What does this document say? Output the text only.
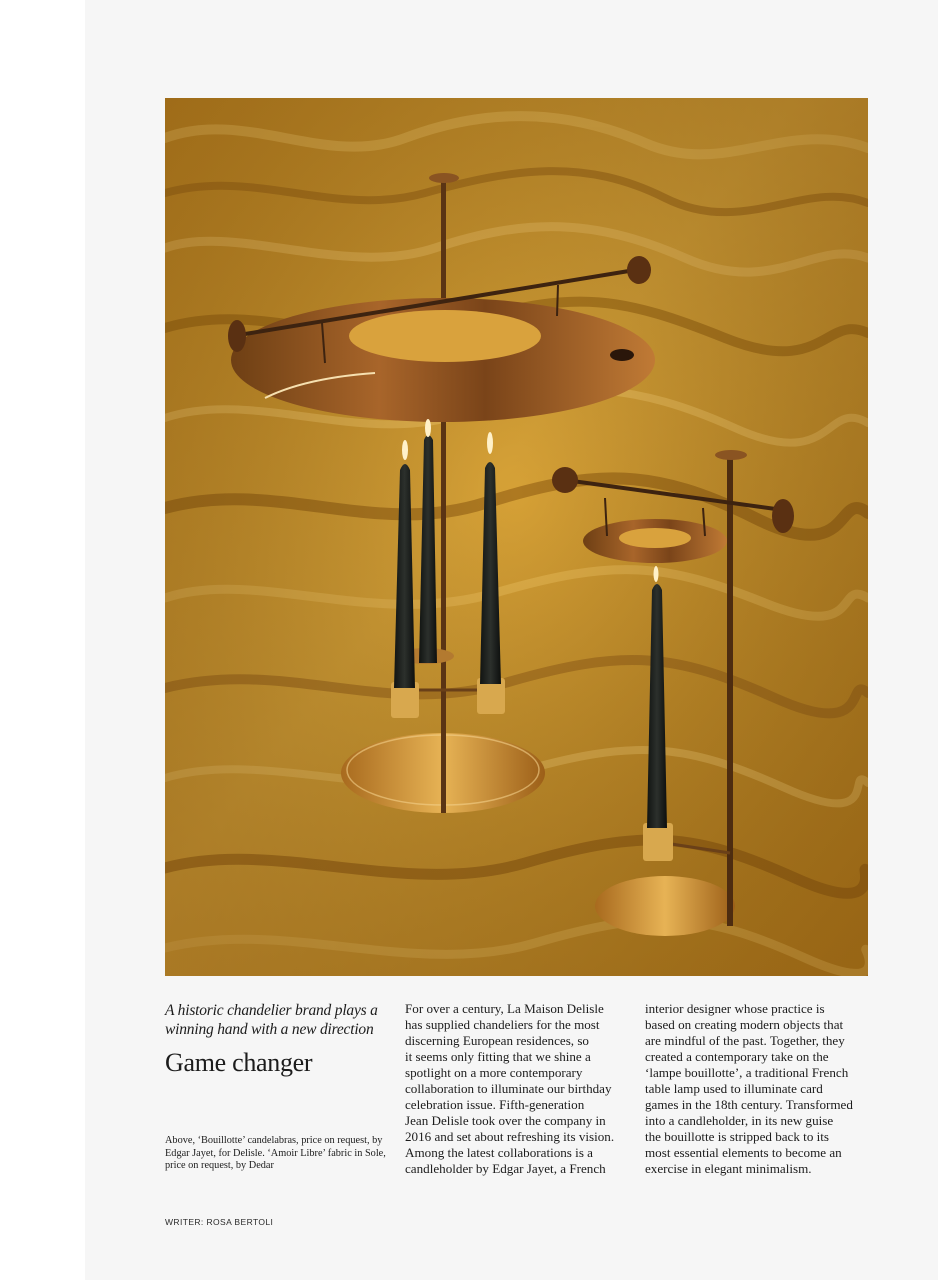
A historic chandelier brand plays a winning hand with a new direction

Game changer

Above, ‘Bouillotte’ candelabras, price on request, by Edgar Jayet, for Delisle. ‘Amoir Libre’ fabric in Sole, price on request, by Dedar

For over a century, La Maison Delisle
has supplied chandeliers for the most
discerning European residences, so
it seems only fitting that we shine a
spotlight on a more contemporary
collaboration to illuminate our birthday
celebration issue. Fifth-generation
Jean Delisle took over the company in
2016 and set about refreshing its vision.
Among the latest collaborations is a
candleholder by Edgar Jayet, a French

interior designer whose practice is
based on creating modern objects that
are mindful of the past. Together, they
created a contemporary take on the
‘lampe bouillotte’, a traditional French
table lamp used to illuminate card
games in the 18th century. Transformed
into a candleholder, in its new guise
the bouillotte is stripped back to its
most essential elements to become an
exercise in elegant minimalism.

WRITER: ROSA BERTOLI
